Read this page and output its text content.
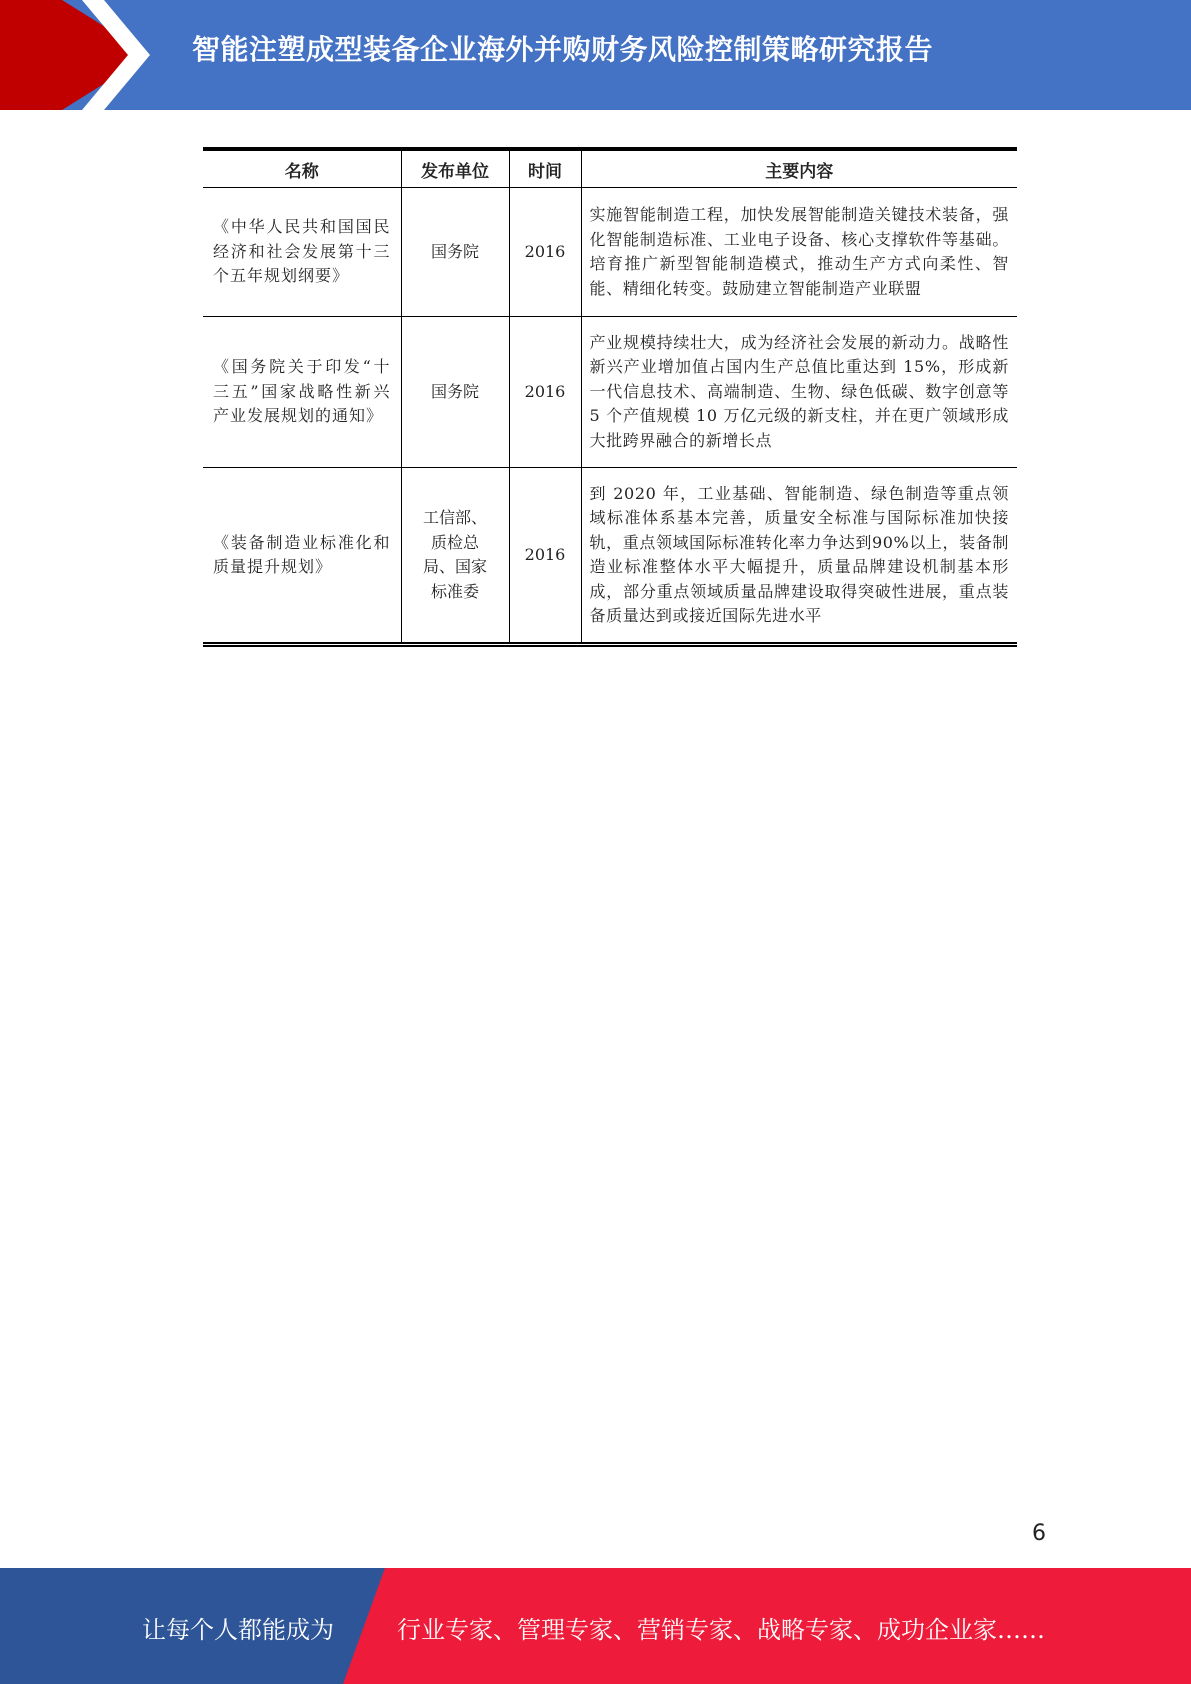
智能注塑成型装备企业海外并购财务风险控制策略研究报告
名称	发布单位	时间	主要内容
《中华人民共和国国民经济和社会发展第十三个五年规划纲要》	国务院	2016	实施智能制造工程，加快发展智能制造关键技术装备，强化智能制造标准、工业电子设备、核心支撑软件等基础。培育推广新型智能制造模式，推动生产方式向柔性、智能、精细化转变。鼓励建立智能制造产业联盟
《国务院关于印发“十三五”国家战略性新兴产业发展规划的通知》	国务院	2016	产业规模持续壮大，成为经济社会发展的新动力。战略性新兴产业增加值占国内生产总值比重达到 15%，形成新一代信息技术、高端制造、生物、绿色低碳、数字创意等 5 个产值规模 10 万亿元级的新支柱，并在更广领域形成大批跨界融合的新增长点
《装备制造业标准化和质量提升规划》	工信部、质检总局、国家标准委	2016	到 2020 年，工业基础、智能制造、绿色制造等重点领域标准体系基本完善，质量安全标准与国际标准加快接轨，重点领域国际标准转化率力争达到90%以上，装备制造业标准整体水平大幅提升，质量品牌建设机制基本形成，部分重点领域质量品牌建设取得突破性进展，重点装备质量达到或接近国际先进水平
6
让每个人都能成为	行业专家、管理专家、营销专家、战略专家、成功企业家……
